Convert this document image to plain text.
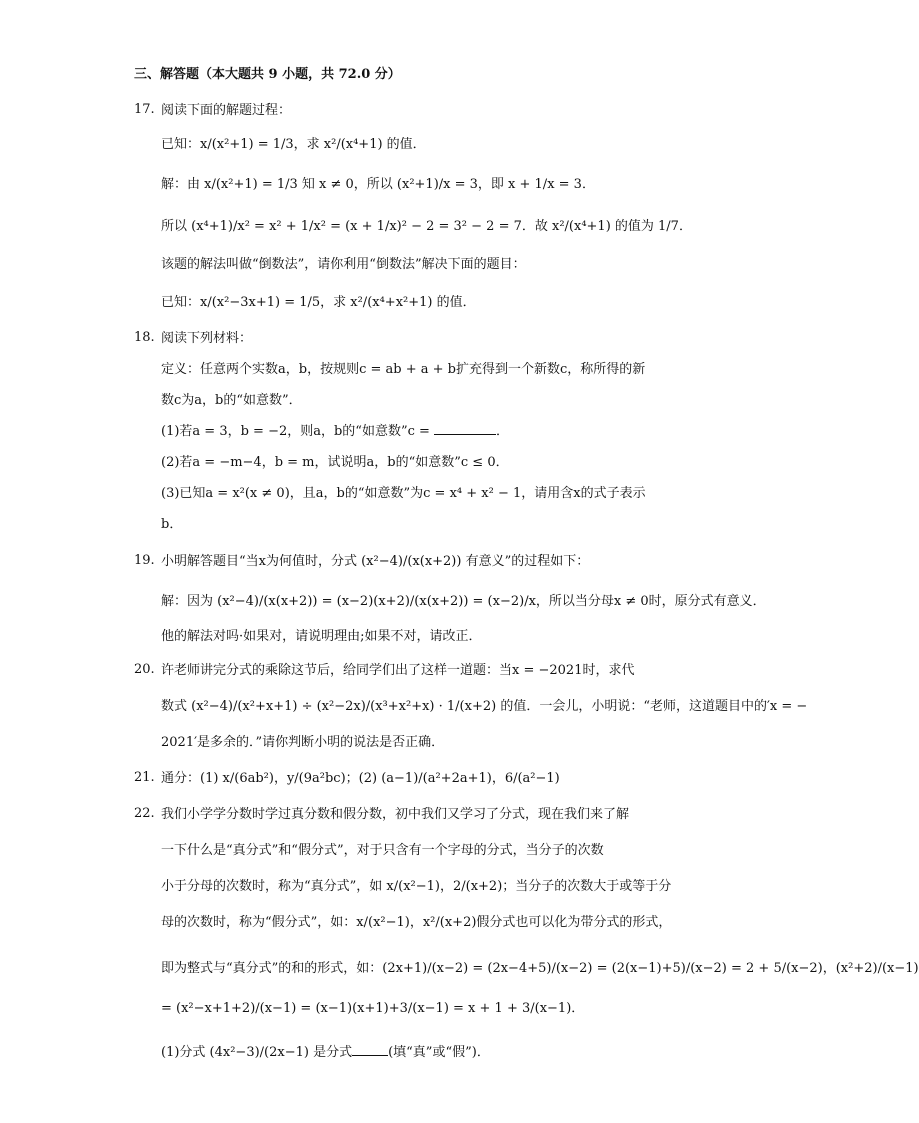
三、解答题（本大题共 9 小题，共 72.0 分）
17. 阅读下面的解题过程：
已知：x/(x²+1) = 1/3，求 x²/(x⁴+1) 的值．
解：由 x/(x²+1) = 1/3 知 x ≠ 0，所以 (x²+1)/x = 3，即 x + 1/x = 3．
所以 (x⁴+1)/x² = x² + 1/x² = (x + 1/x)² − 2 = 3² − 2 = 7．故 x²/(x⁴+1) 的值为 1/7．
该题的解法叫做“倒数法”，请你利用“倒数法”解决下面的题目：
已知：x/(x²−3x+1) = 1/5，求 x²/(x⁴+x²+1) 的值．
18. 阅读下列材料：
定义：任意两个实数a，b，按规则c = ab + a + b扩充得到一个新数c，称所得的新
数c为a，b的“如意数”．
(1)若a = 3，b = −2，则a，b的“如意数”c =	．
(2)若a = −m−4，b = m，试说明a，b的“如意数”c ≤ 0．
(3)已知a = x²(x ≠ 0)，且a，b的“如意数”为c = x⁴ + x² − 1，请用含x的式子表示
b．
19. 小明解答题目“当x为何值时，分式 (x²−4)/(x(x+2)) 有意义”的过程如下：
解：因为 (x²−4)/(x(x+2)) = (x−2)(x+2)/(x(x+2)) = (x−2)/x，所以当分母x ≠ 0时，原分式有意义．
他的解法对吗·如果对，请说明理由;如果不对，请改正．
20. 许老师讲完分式的乘除这节后，给同学们出了这样一道题：当x = −2021时，求代
数式 (x²−4)/(x²+x+1) ÷ (x²−2x)/(x³+x²+x) · 1/(x+2) 的值．一会儿，小明说：“老师，这道题目中的′x = −
2021′是多余的．”请你判断小明的说法是否正确．
21. 通分：(1) x/(6ab²)，y/(9a²bc)；(2) (a−1)/(a²+2a+1)，6/(a²−1)
22. 我们小学学分数时学过真分数和假分数，初中我们又学习了分式，现在我们来了解
一下什么是“真分式”和“假分式”，对于只含有一个字母的分式，当分子的次数
小于分母的次数时，称为“真分式”，如 x/(x²−1)，2/(x+2)；当分子的次数大于或等于分
母的次数时，称为“假分式”，如：x/(x²−1)，x²/(x+2)假分式也可以化为带分式的形式，
即为整式与“真分式”的和的形式，如：(2x+1)/(x−2) = (2x−4+5)/(x−2) = (2(x−1)+5)/(x−2) = 2 + 5/(x−2)，(x²+2)/(x−1)
= (x²−x+1+2)/(x−1) = (x−1)(x+1)+3/(x−1) = x + 1 + 3/(x−1)．
(1)分式 (4x²−3)/(2x−1) 是分式	(填“真”或“假”)．
